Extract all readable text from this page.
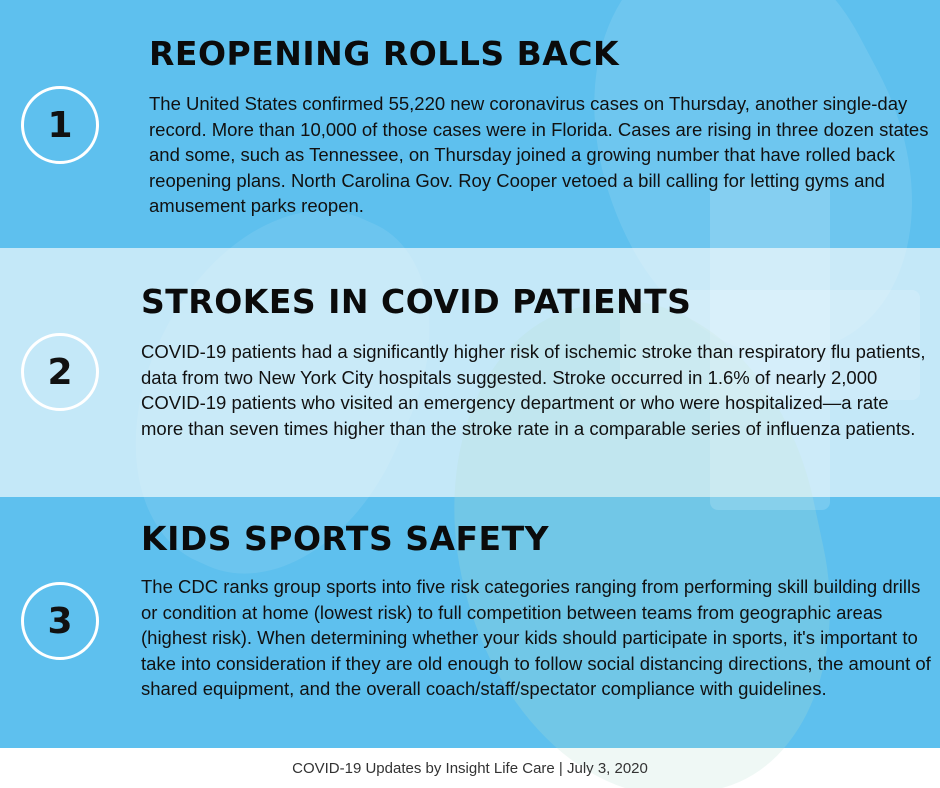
1
REOPENING ROLLS BACK
The United States confirmed 55,220 new coronavirus cases on Thursday, another single-day record. More than 10,000 of those cases were in Florida. Cases are rising in three dozen states and some, such as Tennessee, on Thursday joined a growing number that have rolled back reopening plans. North Carolina Gov. Roy Cooper vetoed a bill calling for letting gyms and amusement parks reopen.
2
STROKES IN COVID PATIENTS
COVID-19 patients had a significantly higher risk of ischemic stroke than respiratory flu patients, data from two New York City hospitals suggested. Stroke occurred in 1.6% of nearly 2,000 COVID-19 patients who visited an emergency department or who were hospitalized—a rate more than seven times higher than the stroke rate in a comparable series of influenza patients.
3
KIDS SPORTS SAFETY
The CDC ranks group sports into five risk categories ranging from performing skill building drills or condition at home (lowest risk) to full competition between teams from geographic areas (highest risk). When determining whether your kids should participate in sports, it's important to take into consideration if they are old enough to follow social distancing directions, the amount of shared equipment, and the overall coach/staff/spectator compliance with guidelines.
COVID-19 Updates by Insight Life Care | July 3, 2020
